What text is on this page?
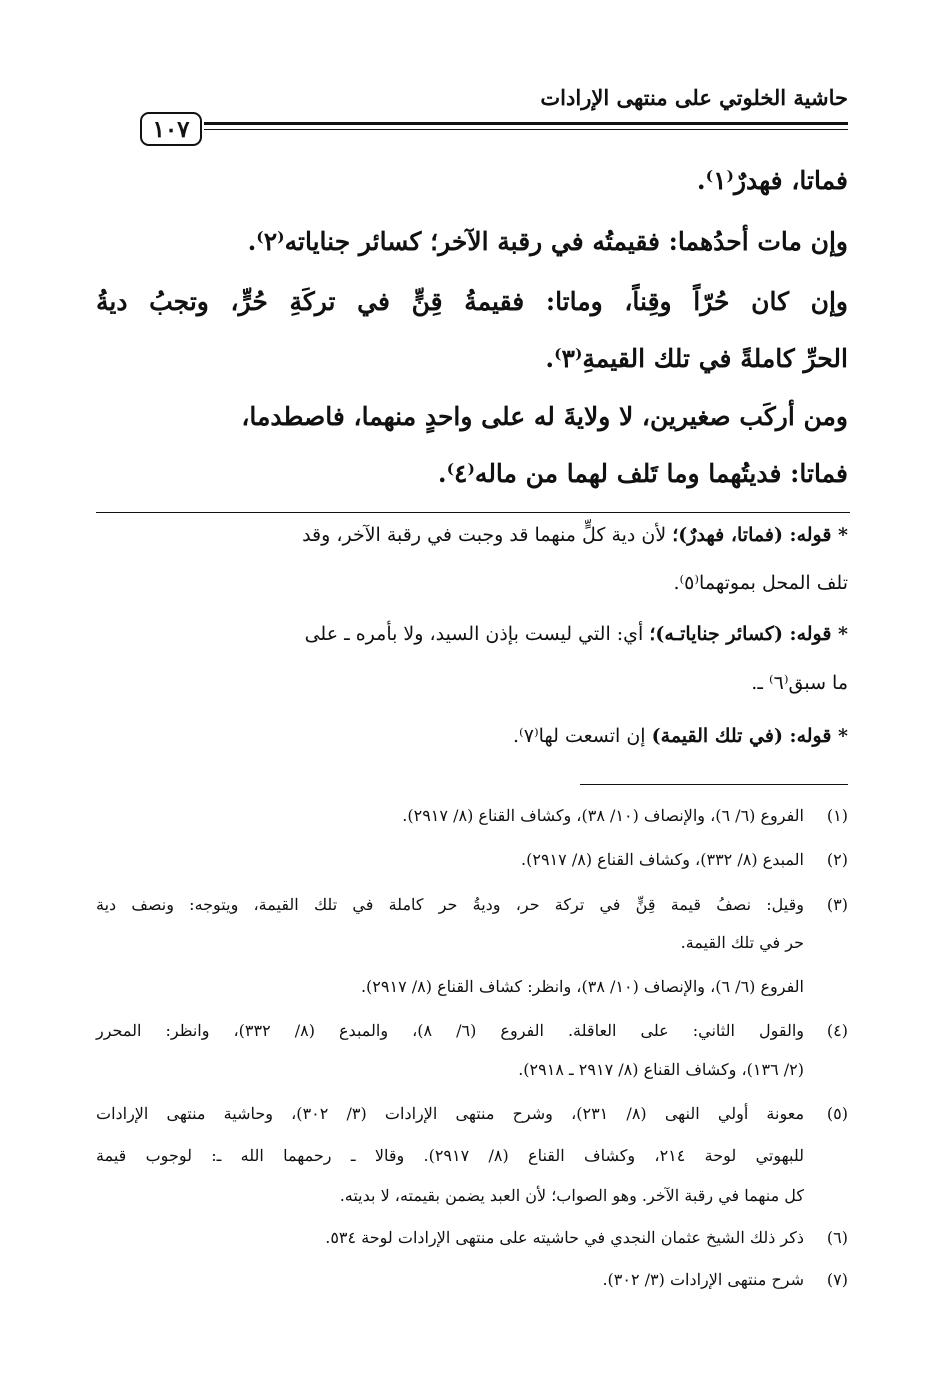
حاشية الخلوتي على منتهى الإرادات
١٠٧
فماتا، فهدرٌ⁽١⁾.
وإن مات أحدُهما: فقيمتُه في رقبة الآخر؛ كسائر جناياته⁽٢⁾.
وإن كان حُرّاً وقِناً، وماتا: فقيمةُ قِنٍّ في تركَةِ حُرٍّ، وتجبُ ديةُ
الحرِّ كاملةً في تلك القيمةِ⁽٣⁾.
ومن أركَب صغيرين، لا ولايةَ له على واحدٍ منهما، فاصطدما،
فماتا: فديتُهما وما تَلف لهما من ماله⁽٤⁾.
* قوله: (فماتا، فهدرٌ)؛ لأن دية كلٍّ منهما قد وجبت في رقبة الآخر، وقد
تلف المحل بموتهما⁽٥⁾.
* قوله: (كسائر جناياتـه)؛ أي: التي ليست بإذن السيد، ولا بأمره ـ على
ما سبق⁽٦⁾ ـ.
* قوله: (في تلك القيمة) إن اتسعت لها⁽٧⁾.
(١)
الفروع (٦/ ٦)، والإنصاف (١٠/ ٣٨)، وكشاف القناع (٨/ ٢٩١٧).
(٢)
المبدع (٨/ ٣٣٢)، وكشاف القناع (٨/ ٢٩١٧).
(٣)
وقيل: نصفُ قيمة قِنٍّ في تركة حر، وديةُ حر كاملة في تلك القيمة، ويتوجه: ونصف دية
حر في تلك القيمة.
الفروع (٦/ ٦)، والإنصاف (١٠/ ٣٨)، وانظر: كشاف القناع (٨/ ٢٩١٧).
(٤)
والقول الثاني: على العاقلة. الفروع (٦/ ٨)، والمبدع (٨/ ٣٣٢)، وانظر: المحرر
(٢/ ١٣٦)، وكشاف القناع (٨/ ٢٩١٧ ـ ٢٩١٨).
(٥)
معونة أولي النهى (٨/ ٢٣١)، وشرح منتهى الإرادات (٣/ ٣٠٢)، وحاشية منتهى الإرادات
للبهوتي لوحة ٢١٤، وكشاف القناع (٨/ ٢٩١٧). وقالا ـ رحمهما الله ـ: لوجوب قيمة
كل منهما في رقبة الآخر. وهو الصواب؛ لأن العبد يضمن بقيمته، لا بديته.
(٦)
ذكر ذلك الشيخ عثمان النجدي في حاشيته على منتهى الإرادات لوحة ٥٣٤.
(٧)
شرح منتهى الإرادات (٣/ ٣٠٢).
